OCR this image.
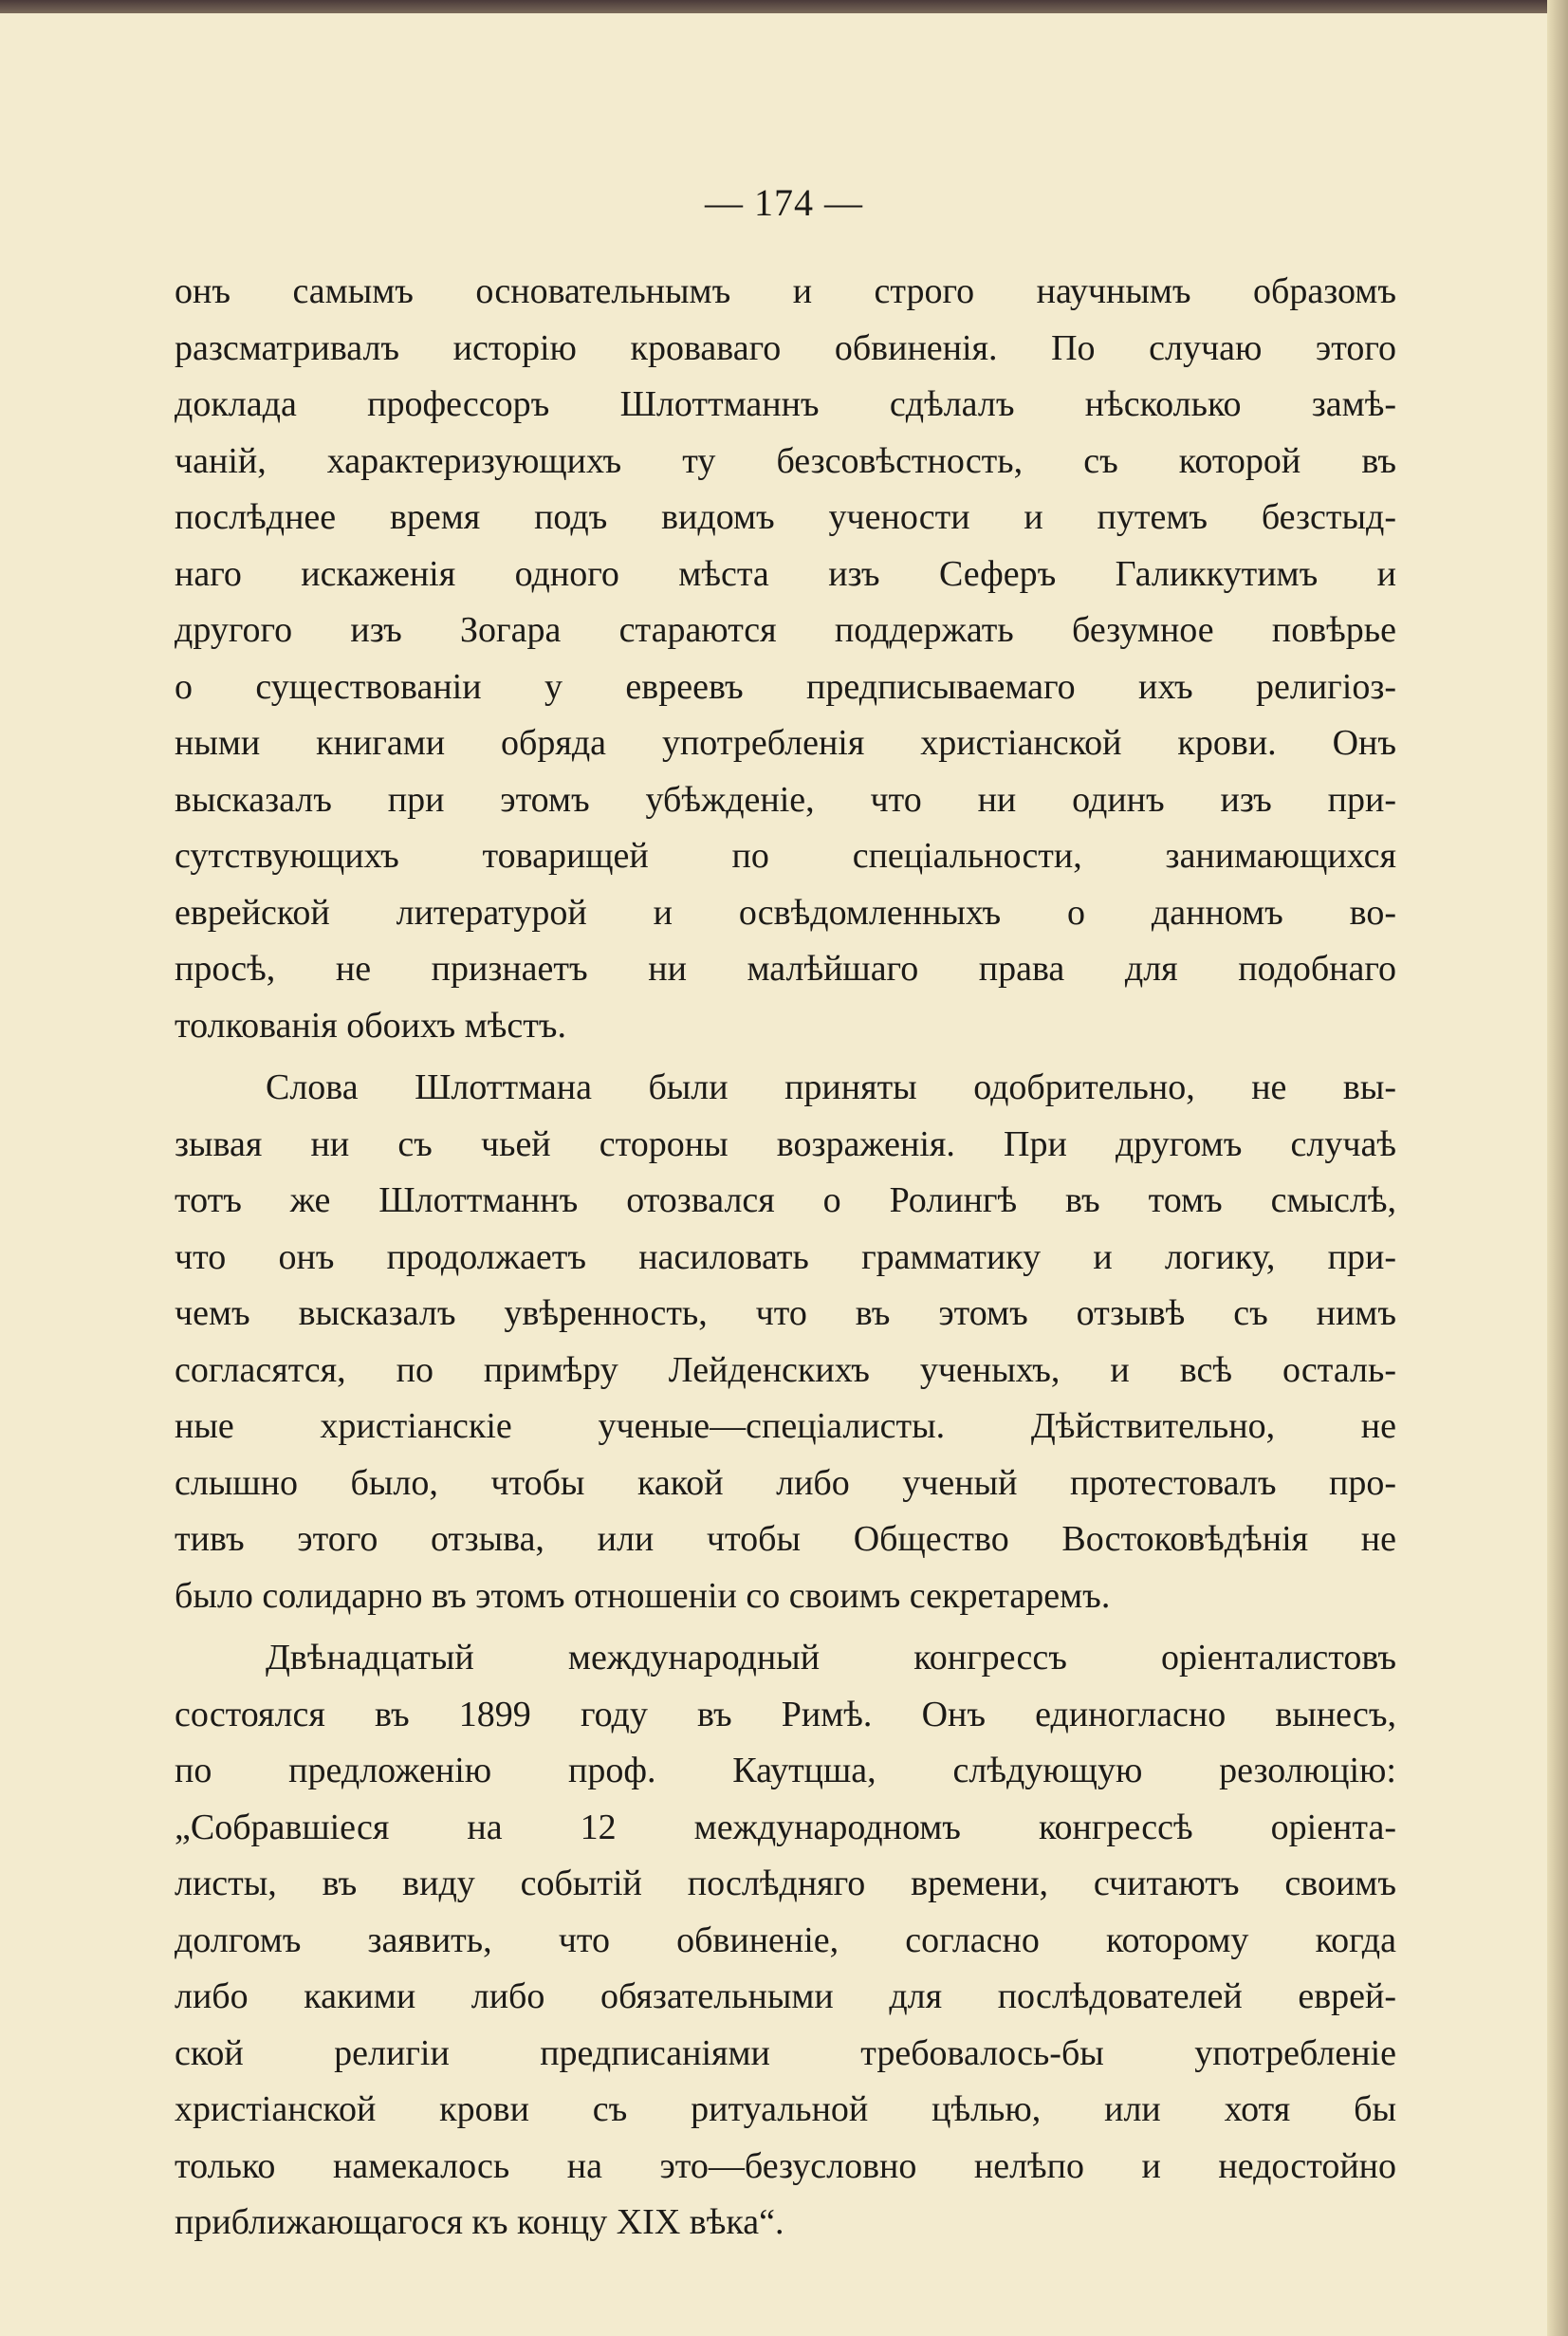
— 174 —
онъ самымъ основательнымъ и строго научнымъ образомъ
разсматривалъ исторію кроваваго обвиненія. По случаю этого
доклада профессоръ Шлоттманнъ сдѣлалъ нѣсколько замѣ-
чаній, характеризующихъ ту безсовѣстность, съ которой въ
послѣднее время подъ видомъ учености и путемъ безстыд-
наго искаженія одного мѣста изъ Сеферъ Галиккутимъ и
другого изъ Зогара стараются поддержать безумное повѣрье
о существованіи у евреевъ предписываемаго ихъ религіоз-
ными книгами обряда употребленія христіанской крови. Онъ
высказалъ при этомъ убѣжденіе, что ни одинъ изъ при-
сутствующихъ товарищей по спеціальности, занимающихся
еврейской литературой и освѣдомленныхъ о данномъ во-
просѣ, не признаетъ ни малѣйшаго права для подобнаго
толкованія обоихъ мѣстъ.
Слова Шлоттмана были приняты одобрительно, не вы-
зывая ни съ чьей стороны возраженія. При другомъ случаѣ
тотъ же Шлоттманнъ отозвался о Ролингѣ въ томъ смыслѣ,
что онъ продолжаетъ насиловать грамматику и логику, при-
чемъ высказалъ увѣренность, что въ этомъ отзывѣ съ нимъ
согласятся, по примѣру Лейденскихъ ученыхъ, и всѣ осталь-
ные христіанскіе ученые—спеціалисты. Дѣйствительно, не
слышно было, чтобы какой либо ученый протестовалъ про-
тивъ этого отзыва, или чтобы Общество Востоковѣдѣнія не
было солидарно въ этомъ отношеніи со своимъ секретаремъ.
Двѣнадцатый международный конгрессъ оріенталистовъ
состоялся въ 1899 году въ Римѣ. Онъ единогласно вынесъ,
по предложенію проф. Каутцша, слѣдующую резолюцію:
„Собравшіеся на 12 международномъ конгрессѣ оріента-
листы, въ виду событій послѣдняго времени, считаютъ своимъ
долгомъ заявить, что обвиненіе, согласно которому когда
либо какими либо обязательными для послѣдователей еврей-
ской религіи предписаніями требовалось-бы употребленіе
христіанской крови съ ритуальной цѣлью, или хотя бы
только намекалось на это—безусловно нелѣпо и недостойно
приближающагося къ концу XIX вѣка“.
